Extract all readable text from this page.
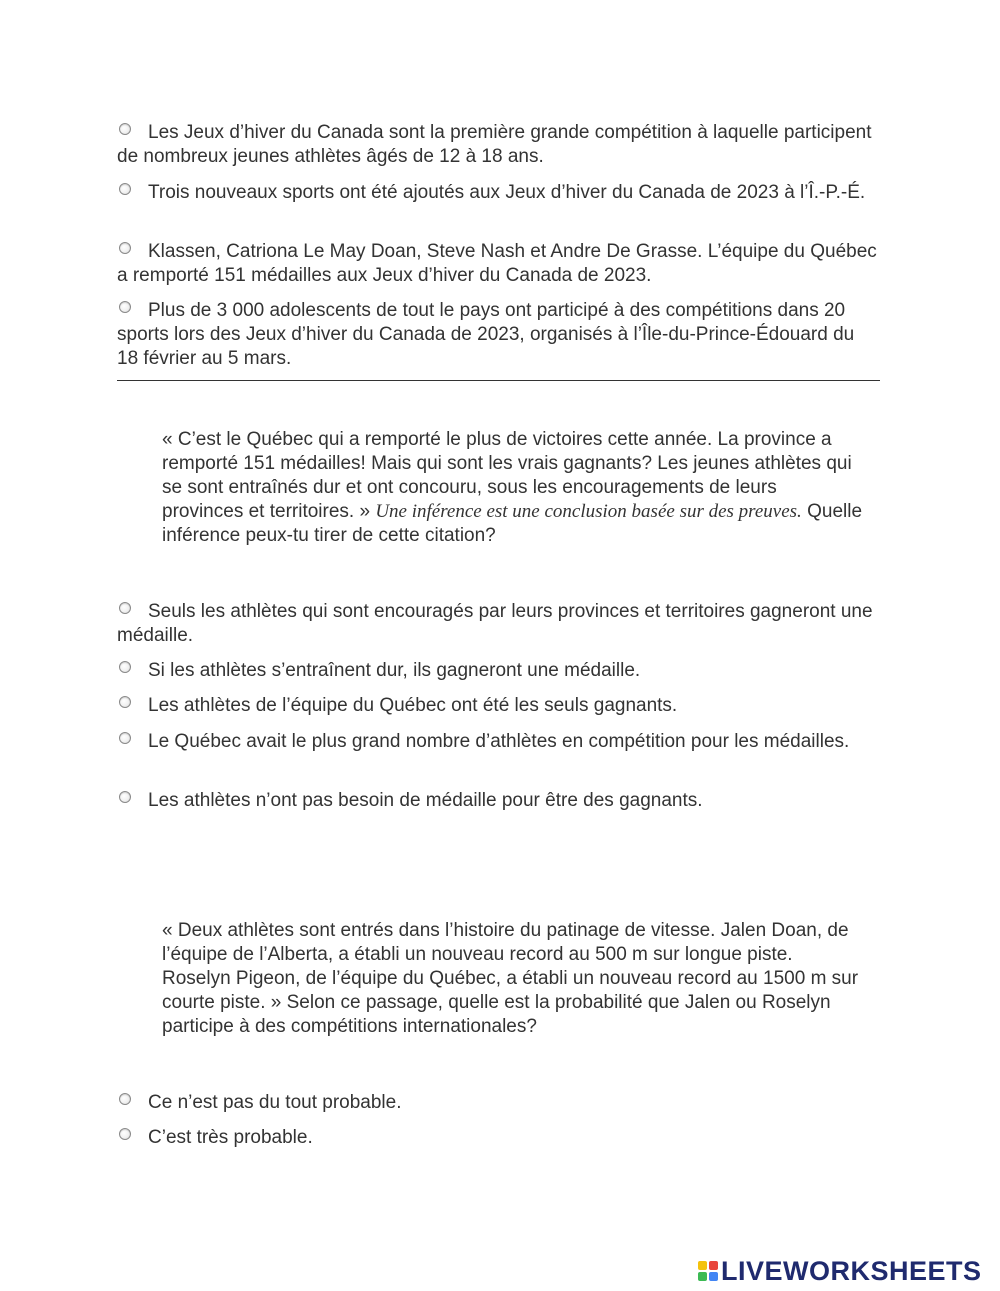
Les Jeux d’hiver du Canada sont la première grande compétition à laquelle participent de nombreux jeunes athlètes âgés de 12 à 18 ans.

Trois nouveaux sports ont été ajoutés aux Jeux d’hiver du Canada de 2023 à l’Î.-P.-É.

Klassen, Catriona Le May Doan, Steve Nash et Andre De Grasse. L’équipe du Québec a remporté 151 médailles aux Jeux d’hiver du Canada de 2023.

Plus de 3 000 adolescents de tout le pays ont participé à des compétitions dans 20 sports lors des Jeux d’hiver du Canada de 2023, organisés à l’Île-du-Prince-Édouard du 18 février au 5 mars.

« C’est le Québec qui a remporté le plus de victoires cette année. La province a remporté 151 médailles! Mais qui sont les vrais gagnants? Les jeunes athlètes qui se sont entraînés dur et ont concouru, sous les encouragements de leurs provinces et territoires. » Une inférence est une conclusion basée sur des preuves. Quelle inférence peux-tu tirer de cette citation?

Seuls les athlètes qui sont encouragés par leurs provinces et territoires gagneront une médaille.

Si les athlètes s’entraînent dur, ils gagneront une médaille.

Les athlètes de l’équipe du Québec ont été les seuls gagnants.

Le Québec avait le plus grand nombre d’athlètes en compétition pour les médailles.

Les athlètes n’ont pas besoin de médaille pour être des gagnants.

« Deux athlètes sont entrés dans l’histoire du patinage de vitesse. Jalen Doan, de l’équipe de l’Alberta, a établi un nouveau record au 500 m sur longue piste. Roselyn Pigeon, de l’équipe du Québec, a établi un nouveau record au 1500 m sur courte piste. » Selon ce passage, quelle est la probabilité que Jalen ou Roselyn participe à des compétitions internationales?

Ce n’est pas du tout probable.

C’est très probable.

LIVEWORKSHEETS
